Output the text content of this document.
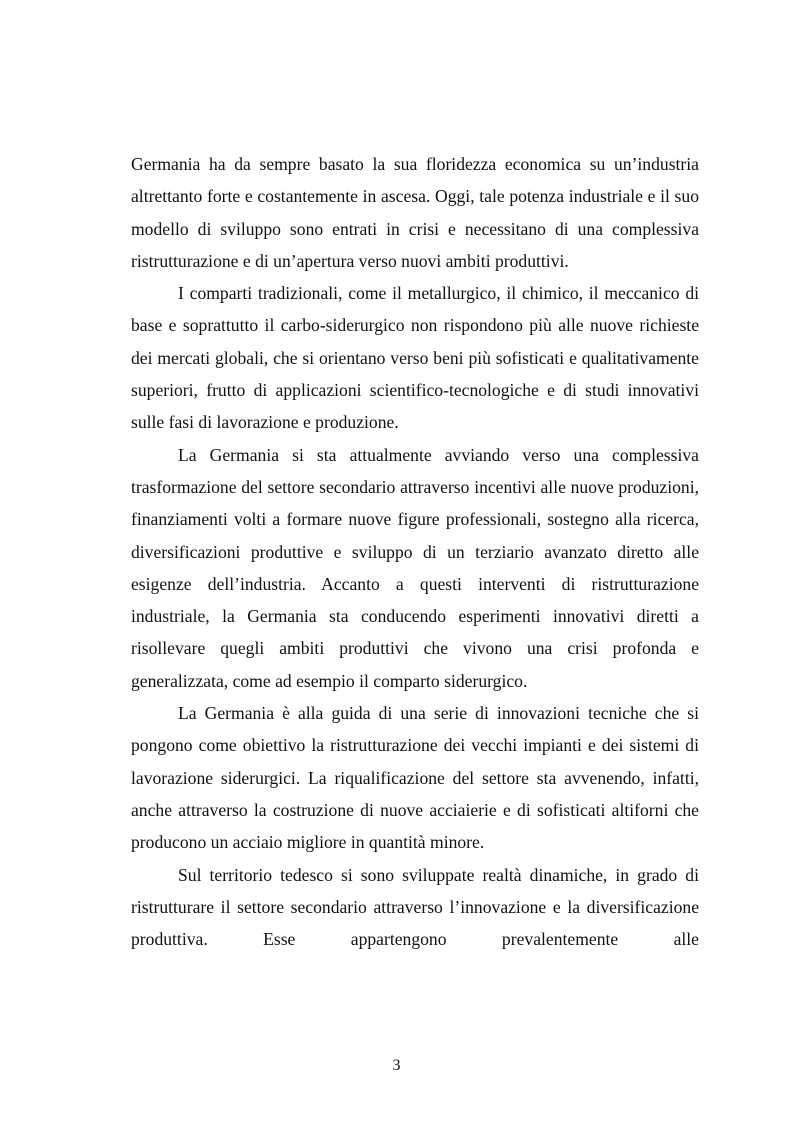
Germania ha da sempre basato la sua floridezza economica su un’industria altrettanto forte e costantemente in ascesa. Oggi, tale potenza industriale e il suo modello di sviluppo sono entrati in crisi e necessitano di una complessiva ristrutturazione e di un’apertura verso nuovi ambiti produttivi.

I comparti tradizionali, come il metallurgico, il chimico, il meccanico di base e soprattutto il carbo-siderurgico non rispondono più alle nuove richieste dei mercati globali, che si orientano verso beni più sofisticati e qualitativamente superiori, frutto di applicazioni scientifico-tecnologiche e di studi innovativi sulle fasi di lavorazione e produzione.

La Germania si sta attualmente avviando verso una complessiva trasformazione del settore secondario attraverso incentivi alle nuove produzioni, finanziamenti volti a formare nuove figure professionali, sostegno alla ricerca, diversificazioni produttive e sviluppo di un terziario avanzato diretto alle esigenze dell’industria. Accanto a questi interventi di ristrutturazione industriale, la Germania sta conducendo esperimenti innovativi diretti a risollevare quegli ambiti produttivi che vivono una crisi profonda e generalizzata, come ad esempio il comparto siderurgico.

La Germania è alla guida di una serie di innovazioni tecniche che si pongono come obiettivo la ristrutturazione dei vecchi impianti e dei sistemi di lavorazione siderurgici. La riqualificazione del settore sta avvenendo, infatti, anche attraverso la costruzione di nuove acciaierie e di sofisticati altiforni che producono un acciaio migliore in quantità minore.

Sul territorio tedesco si sono sviluppate realtà dinamiche, in grado di ristrutturare il settore secondario attraverso l’innovazione e la diversificazione produttiva. Esse appartengono prevalentemente alle

3
